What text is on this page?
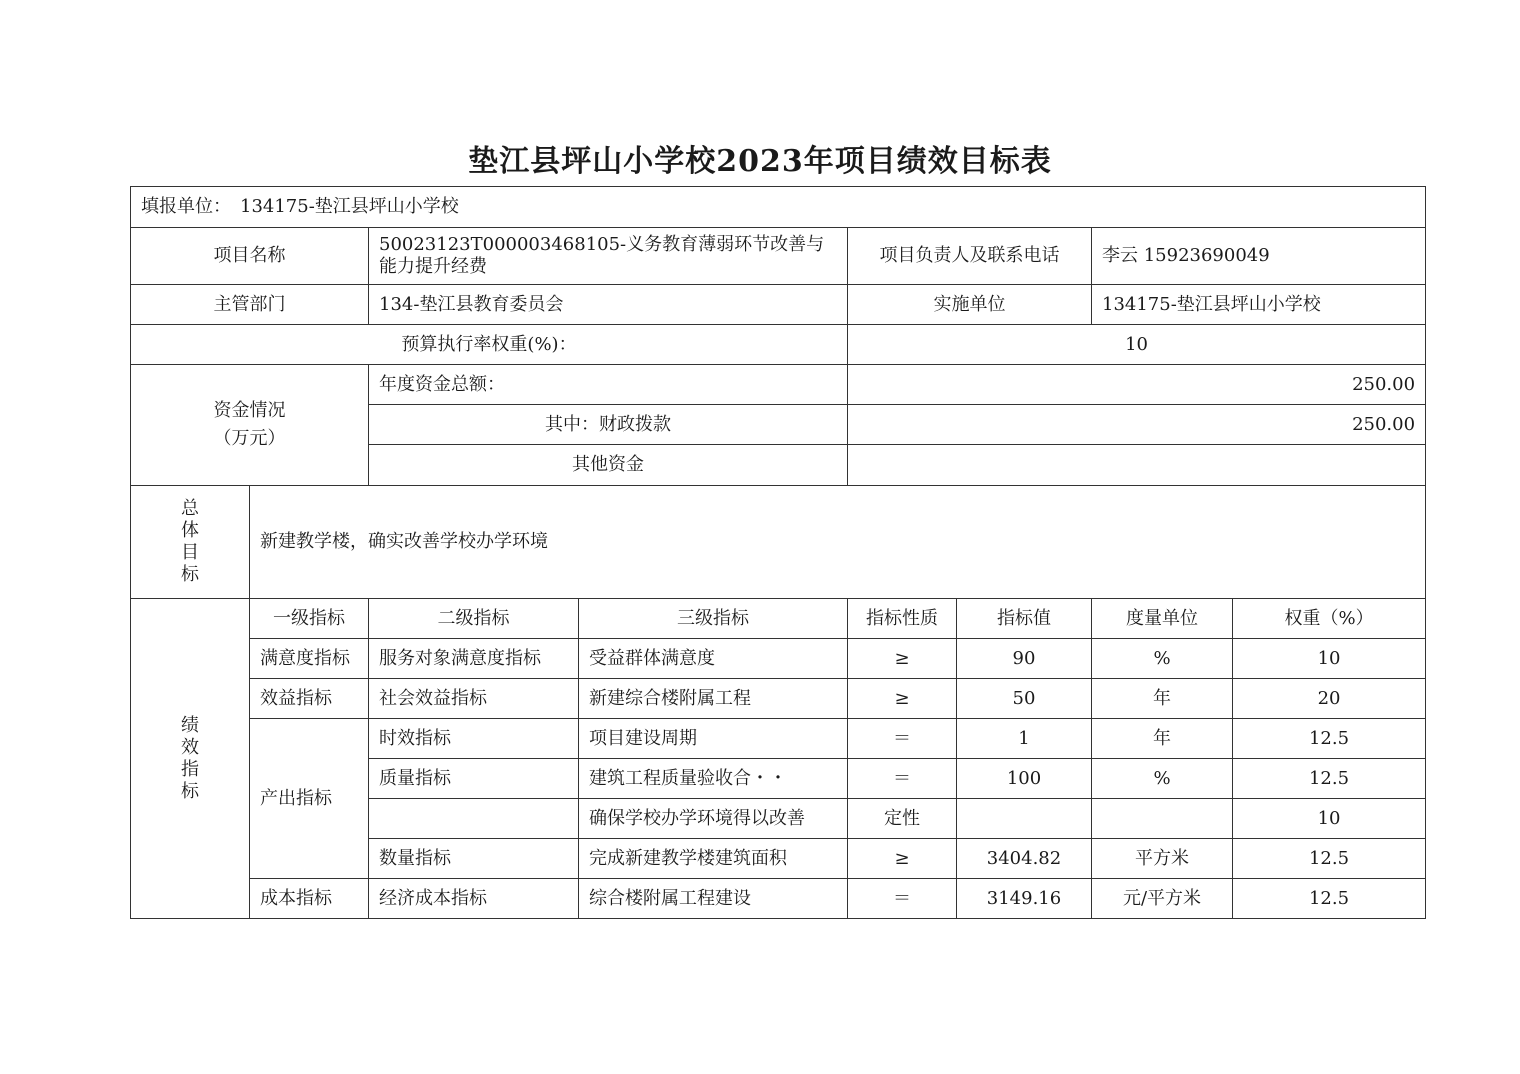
垫江县坪山小学校2023年项目绩效目标表
填报单位：　134175-垫江县坪山小学校							
项目名称		50023123T000003468105-义务教育薄弱环节改善与能力提升经费		项目负责人及联系电话		李云 15923690049	
主管部门		134-垫江县教育委员会		实施单位		134175-垫江县坪山小学校	
预算执行率权重(%)：				10			

资金情况
（万元）		年度资金总额：		250.00			
		其中：财政拨款		250.00			
		其他资金					

总
体
目
标	新建教学楼，确实改善学校办学环境						

绩
效
指
标	一级指标	二级指标	三级指标	指标性质	指标值	度量单位	权重（%）
	满意度指标	服务对象满意度指标	受益群体满意度	≥	90	%	10
	效益指标	社会效益指标	新建综合楼附属工程	≥	50	年	20
	产出指标	时效指标	项目建设周期	＝	1	年	12.5
		质量指标	建筑工程质量验收合・・	＝	100	%	12.5
			确保学校办学环境得以改善	定性			10
		数量指标	完成新建教学楼建筑面积	≥	3404.82	平方米	12.5
	成本指标	经济成本指标	综合楼附属工程建设	＝	3149.16	元/平方米	12.5
